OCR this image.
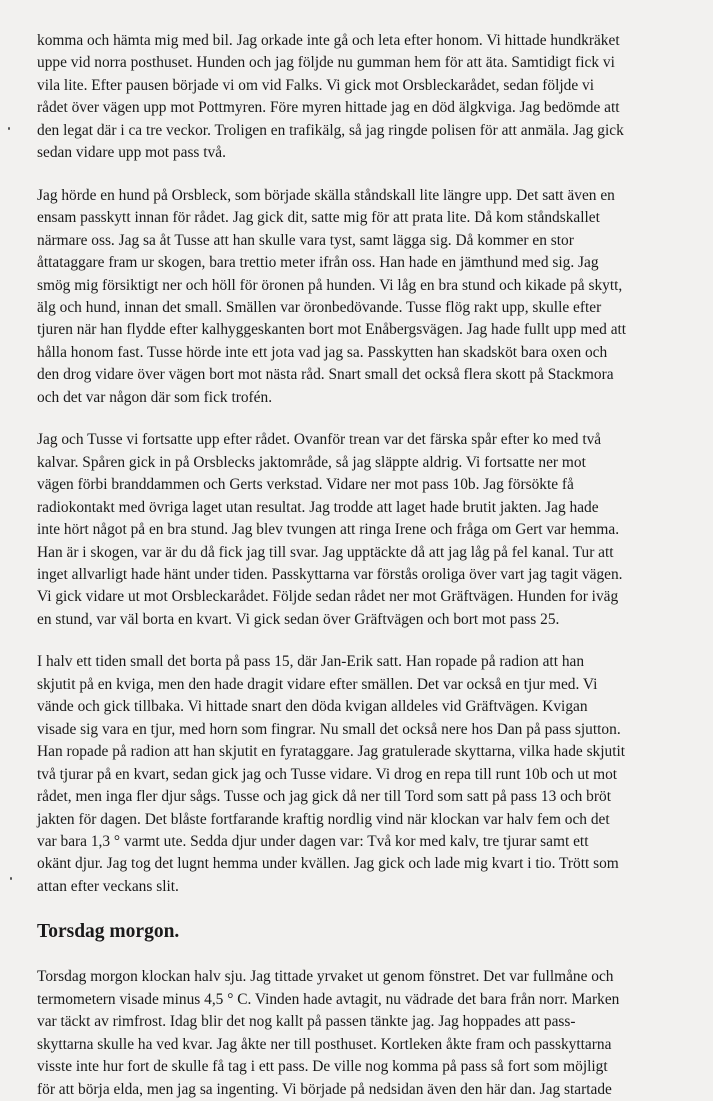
komma och hämta mig med bil. Jag orkade inte gå och leta efter honom. Vi hittade hundkräket
uppe vid norra posthuset. Hunden och jag följde nu gumman hem för att äta. Samtidigt fick vi
vila lite. Efter pausen började vi om vid Falks. Vi gick mot Orsbleckarådet, sedan följde vi
rådet över vägen upp mot Pottmyren. Före myren hittade jag en död älgkviga. Jag bedömde att
den legat där i ca tre veckor. Troligen en trafikälg, så jag ringde polisen för att anmäla. Jag gick
sedan vidare upp mot pass två.

Jag hörde en hund på Orsbleck, som började skälla ståndskall lite längre upp. Det satt även en
ensam passkytt innan för rådet. Jag gick dit, satte mig för att prata lite. Då kom ståndskallet
närmare oss. Jag sa åt Tusse att han skulle vara tyst, samt lägga sig. Då kommer en stor
åttataggare fram ur skogen, bara trettio meter ifrån oss. Han hade en jämthund med sig. Jag
smög mig försiktigt ner och höll för öronen på hunden. Vi låg en bra stund och kikade på skytt,
älg och hund, innan det small. Smällen var öronbedövande. Tusse flög rakt upp, skulle efter
tjuren när han flydde efter kalhyggeskanten bort mot Enåbergsvägen. Jag hade fullt upp med att
hålla honom fast. Tusse hörde inte ett jota vad jag sa. Passkytten han skadsköt bara oxen och
den drog vidare över vägen bort mot nästa råd. Snart small det också flera skott på Stackmora
och det var någon där som fick trofén.

Jag och Tusse vi fortsatte upp efter rådet. Ovanför trean var det färska spår efter ko med två
kalvar. Spåren gick in på Orsblecks jaktområde, så jag släppte aldrig. Vi fortsatte ner mot
vägen förbi branddammen och Gerts verkstad. Vidare ner mot pass 10b. Jag försökte få
radiokontakt med övriga laget utan resultat. Jag trodde att laget hade brutit jakten. Jag hade
inte hört något på en bra stund. Jag blev tvungen att ringa Irene och fråga om Gert var hemma.
Han är i skogen, var är du då fick jag till svar. Jag upptäckte då att jag låg på fel kanal. Tur att
inget allvarligt hade hänt under tiden. Passkyttarna var förstås oroliga över vart jag tagit vägen.
Vi gick vidare ut mot Orsbleckarådet. Följde sedan rådet ner mot Gräftvägen. Hunden for iväg
en stund, var väl borta en kvart. Vi gick sedan över Gräftvägen och bort mot pass 25.

I halv ett tiden small det borta på pass 15, där Jan-Erik satt. Han ropade på radion att han
skjutit på en kviga, men den hade dragit vidare efter smällen. Det var också en tjur med. Vi
vände och gick tillbaka. Vi hittade snart den döda kvigan alldeles vid Gräftvägen. Kvigan
visade sig vara en tjur, med horn som fingrar. Nu small det också nere hos Dan på pass sjutton.
Han ropade på radion att han skjutit en fyrataggare. Jag gratulerade skyttarna, vilka hade skjutit
två tjurar på en kvart, sedan gick jag och Tusse vidare. Vi drog en repa till runt 10b och ut mot
rådet, men inga fler djur sågs. Tusse och jag gick då ner till Tord som satt på pass 13 och bröt
jakten för dagen. Det blåste fortfarande kraftig nordlig vind när klockan var halv fem och det
var bara 1,3 ° varmt ute. Sedda djur under dagen var: Två kor med kalv, tre tjurar samt ett
okänt djur. Jag tog det lugnt hemma under kvällen. Jag gick och lade mig kvart i tio. Trött som
attan efter veckans slit.

Torsdag morgon.

Torsdag morgon klockan halv sju. Jag tittade yrvaket ut genom fönstret. Det var fullmåne och
termometern visade minus 4,5 ° C. Vinden hade avtagit, nu vädrade det bara från norr. Marken
var täckt av rimfrost. Idag blir det nog kallt på passen tänkte jag. Jag hoppades att pass-
skyttarna skulle ha ved kvar. Jag åkte ner till posthuset. Kortleken åkte fram och passkyttarna
visste inte hur fort de skulle få tag i ett pass. De ville nog komma på pass så fort som möjligt
för att börja elda, men jag sa ingenting. Vi började på nedsidan även den här dan. Jag startade
